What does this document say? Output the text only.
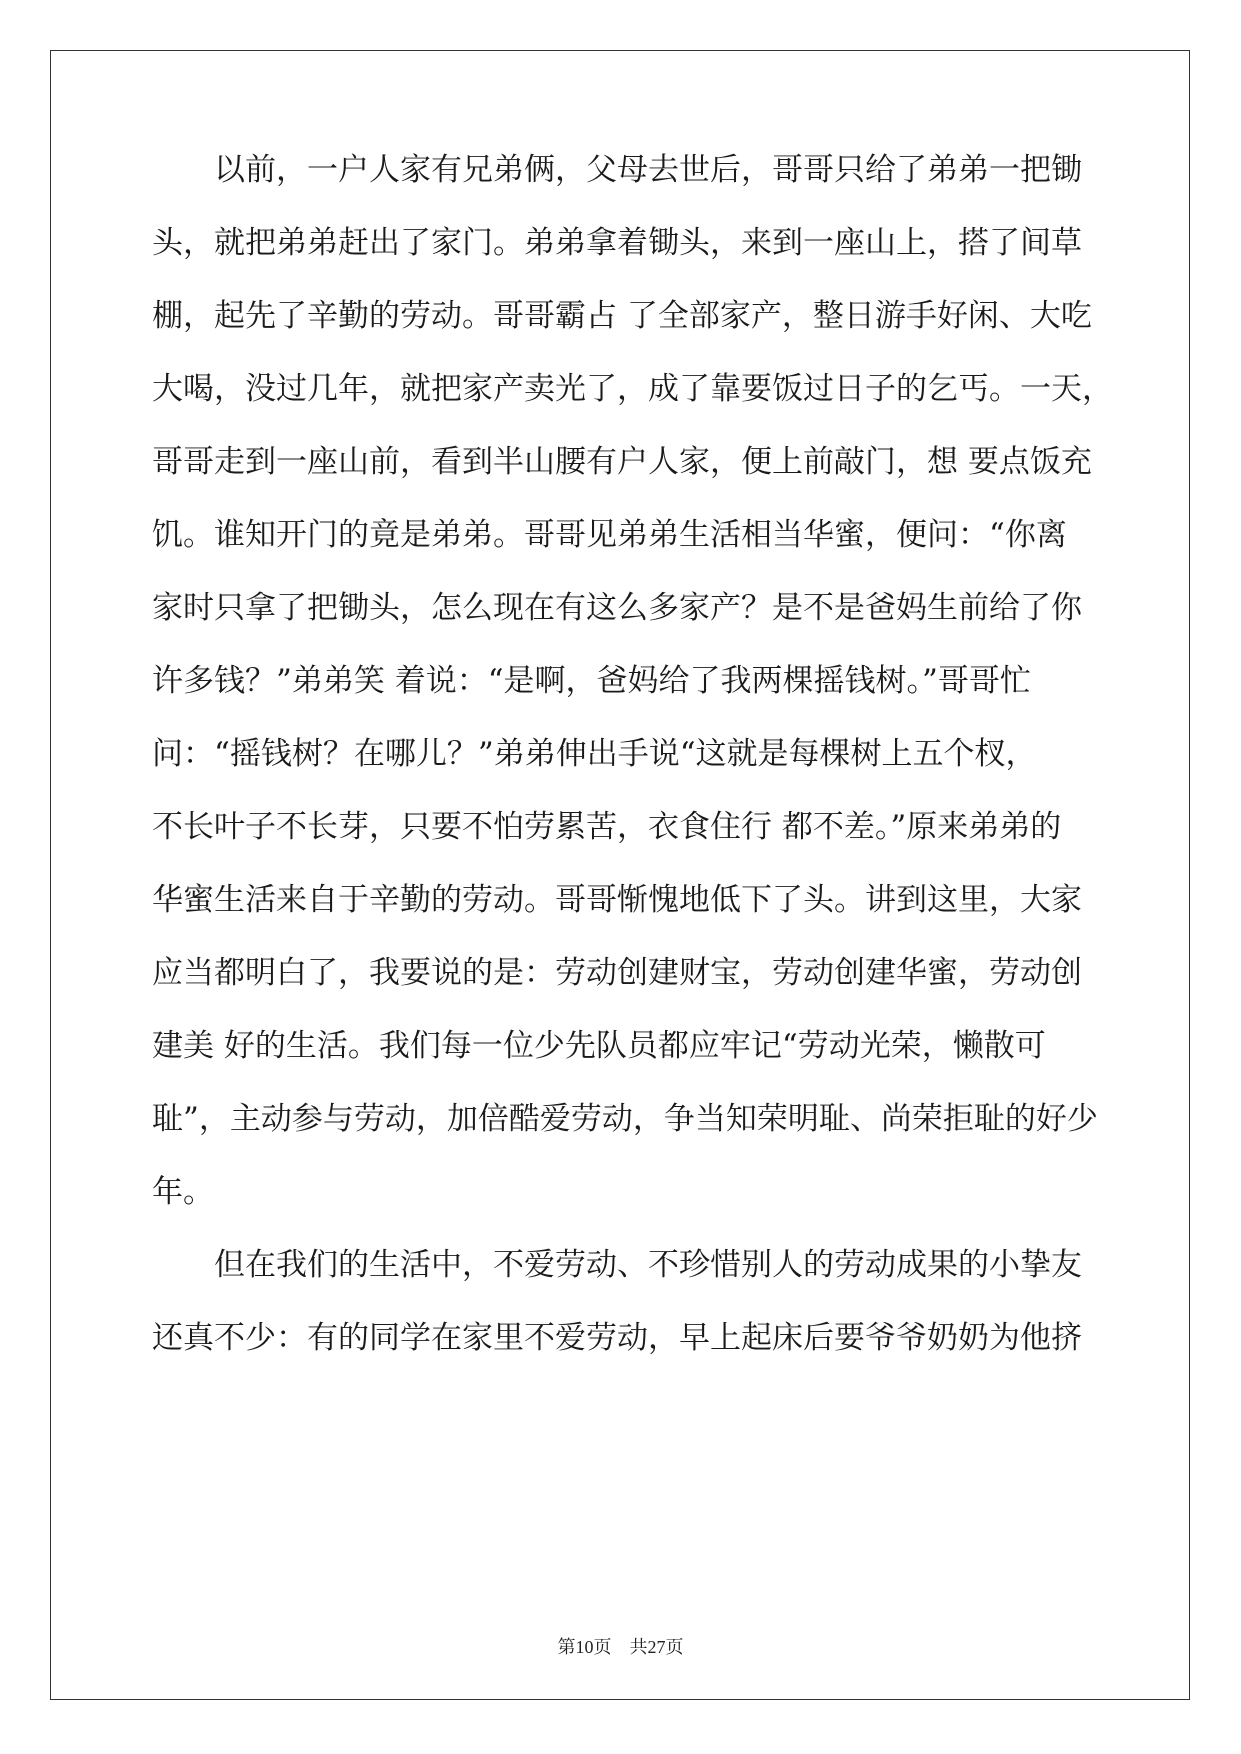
　　以前，一户人家有兄弟俩，父母去世后，哥哥只给了弟弟一把锄

头，就把弟弟赶出了家门。弟弟拿着锄头，来到一座山上，搭了间草

棚，起先了辛勤的劳动。哥哥霸占 了全部家产，整日游手好闲、大吃

大喝，没过几年，就把家产卖光了，成了靠要饭过日子的乞丐。一天，

哥哥走到一座山前，看到半山腰有户人家，便上前敲门，想 要点饭充

饥。谁知开门的竟是弟弟。哥哥见弟弟生活相当华蜜，便问：“你离

家时只拿了把锄头，怎么现在有这么多家产？是不是爸妈生前给了你

许多钱？”弟弟笑 着说：“是啊，爸妈给了我两棵摇钱树。”哥哥忙

问：“摇钱树？在哪儿？”弟弟伸出手说“这就是每棵树上五个杈，

不长叶子不长芽，只要不怕劳累苦，衣食住行 都不差。”原来弟弟的

华蜜生活来自于辛勤的劳动。哥哥惭愧地低下了头。讲到这里，大家

应当都明白了，我要说的是：劳动创建财宝，劳动创建华蜜，劳动创

建美 好的生活。我们每一位少先队员都应牢记“劳动光荣，懒散可

耻”，主动参与劳动，加倍酷爱劳动，争当知荣明耻、尚荣拒耻的好少

年。

　　但在我们的生活中，不爱劳动、不珍惜别人的劳动成果的小挚友

还真不少：有的同学在家里不爱劳动，早上起床后要爷爷奶奶为他挤

第10页　共27页
